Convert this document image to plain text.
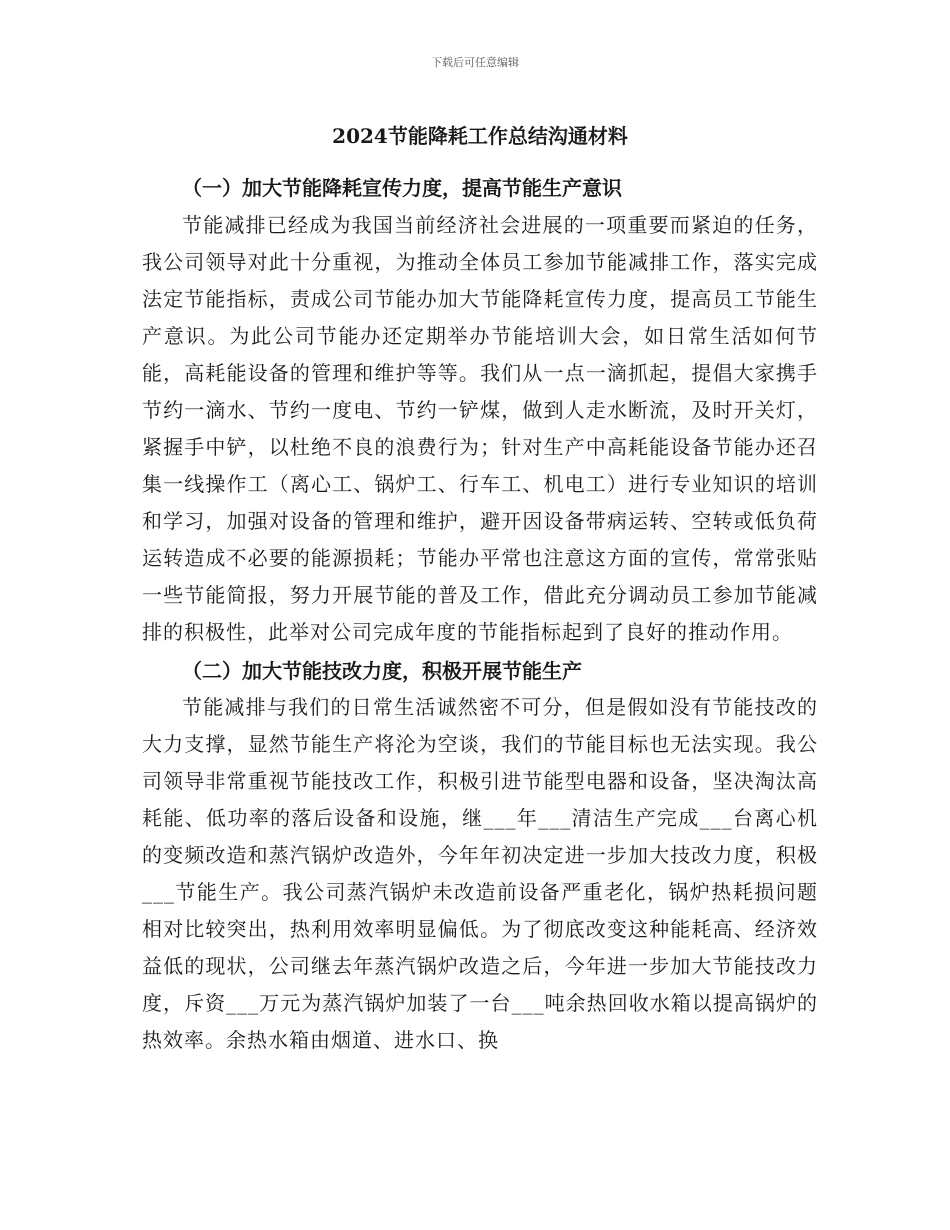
下载后可任意编辑
2024节能降耗工作总结沟通材料
（一）加大节能降耗宣传力度，提高节能生产意识

节能减排已经成为我国当前经济社会进展的一项重要而紧迫的任务，我公司领导对此十分重视，为推动全体员工参加节能减排工作，落实完成法定节能指标，责成公司节能办加大节能降耗宣传力度，提高员工节能生产意识。为此公司节能办还定期举办节能培训大会，如日常生活如何节能，高耗能设备的管理和维护等等。我们从一点一滴抓起，提倡大家携手节约一滴水、节约一度电、节约一铲煤，做到人走水断流，及时开关灯，紧握手中铲，以杜绝不良的浪费行为；针对生产中高耗能设备节能办还召集一线操作工（离心工、锅炉工、行车工、机电工）进行专业知识的培训和学习，加强对设备的管理和维护，避开因设备带病运转、空转或低负荷运转造成不必要的能源损耗；节能办平常也注意这方面的宣传，常常张贴一些节能简报，努力开展节能的普及工作，借此充分调动员工参加节能减排的积极性，此举对公司完成年度的节能指标起到了良好的推动作用。

（二）加大节能技改力度，积极开展节能生产

节能减排与我们的日常生活诚然密不可分，但是假如没有节能技改的大力支撑，显然节能生产将沦为空谈，我们的节能目标也无法实现。我公司领导非常重视节能技改工作，积极引进节能型电器和设备，坚决淘汰高耗能、低功率的落后设备和设施，继___年___清洁生产完成___台离心机的变频改造和蒸汽锅炉改造外，今年年初决定进一步加大技改力度，积极___节能生产。我公司蒸汽锅炉未改造前设备严重老化，锅炉热耗损问题相对比较突出，热利用效率明显偏低。为了彻底改变这种能耗高、经济效益低的现状，公司继去年蒸汽锅炉改造之后，今年进一步加大节能技改力度，斥资___万元为蒸汽锅炉加装了一台___吨余热回收水箱以提高锅炉的热效率。余热水箱由烟道、进水口、换
